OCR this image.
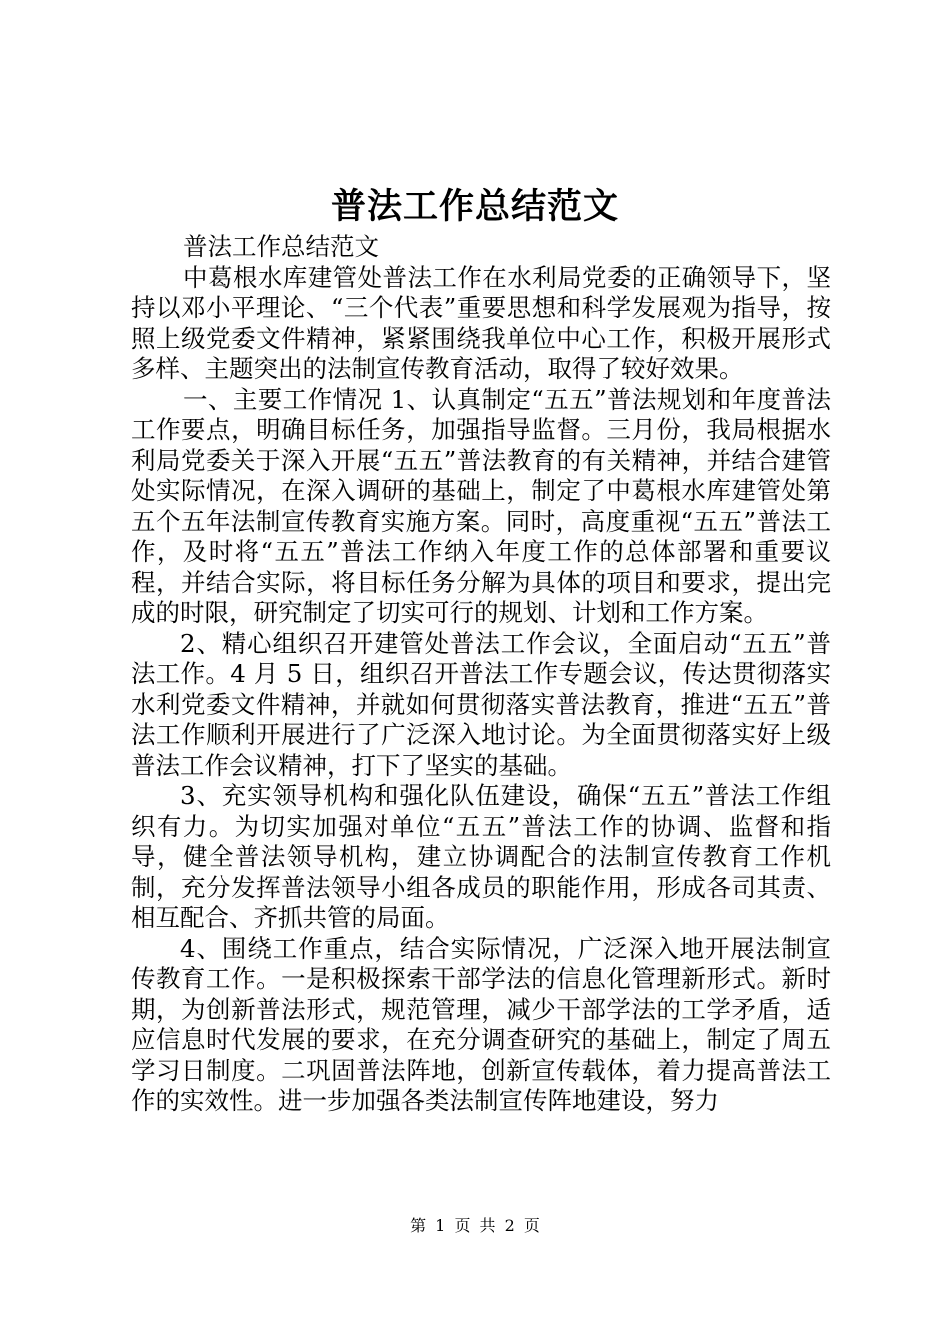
普法工作总结范文

普法工作总结范文

中葛根水库建管处普法工作在水利局党委的正确领导下，坚持以邓小平理论、“三个代表”重要思想和科学发展观为指导，按照上级党委文件精神，紧紧围绕我单位中心工作，积极开展形式多样、主题突出的法制宣传教育活动，取得了较好效果。

一、主要工作情况 1、认真制定“五五”普法规划和年度普法工作要点，明确目标任务，加强指导监督。三月份，我局根据水利局党委关于深入开展“五五”普法教育的有关精神，并结合建管处实际情况，在深入调研的基础上，制定了中葛根水库建管处第五个五年法制宣传教育实施方案。同时，高度重视“五五”普法工作，及时将“五五”普法工作纳入年度工作的总体部署和重要议程，并结合实际，将目标任务分解为具体的项目和要求，提出完成的时限，研究制定了切实可行的规划、计划和工作方案。

2、精心组织召开建管处普法工作会议，全面启动“五五”普法工作。4 月 5 日，组织召开普法工作专题会议，传达贯彻落实水利党委文件精神，并就如何贯彻落实普法教育，推进“五五”普法工作顺利开展进行了广泛深入地讨论。为全面贯彻落实好上级普法工作会议精神，打下了坚实的基础。

3、充实领导机构和强化队伍建设，确保“五五”普法工作组织有力。为切实加强对单位“五五”普法工作的协调、监督和指导，健全普法领导机构，建立协调配合的法制宣传教育工作机制，充分发挥普法领导小组各成员的职能作用，形成各司其责、相互配合、齐抓共管的局面。

4、围绕工作重点，结合实际情况，广泛深入地开展法制宣传教育工作。一是积极探索干部学法的信息化管理新形式。新时期，为创新普法形式，规范管理，减少干部学法的工学矛盾，适应信息时代发展的要求，在充分调查研究的基础上，制定了周五学习日制度。二巩固普法阵地，创新宣传载体，着力提高普法工作的实效性。进一步加强各类法制宣传阵地建设，努力

第 1 页 共 2 页
